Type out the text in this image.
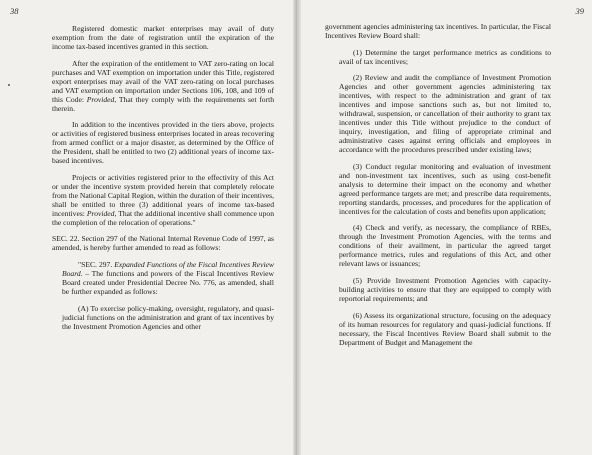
38

Registered domestic market enterprises may avail of duty exemption from the date of registration until the expiration of the income tax-based incentives granted in this section.

After the expiration of the entitlement to VAT zero-rating on local purchases and VAT exemption on importation under this Title, registered export enterprises may avail of the VAT zero-rating on local purchases and VAT exemption on importation under Sections 106, 108, and 109 of this Code: Provided, That they comply with the requirements set forth therein.

In addition to the incentives provided in the tiers above, projects or activities of registered business enterprises located in areas recovering from armed conflict or a major disaster, as determined by the Office of the President, shall be entitled to two (2) additional years of income tax-based incentives.

Projects or activities registered prior to the effectivity of this Act or under the incentive system provided herein that completely relocate from the National Capital Region, within the duration of their incentives, shall be entitled to three (3) additional years of income tax-based incentives: Provided, That the additional incentive shall commence upon the completion of the relocation of operations."

SEC. 22. Section 297 of the National Internal Revenue Code of 1997, as amended, is hereby further amended to read as follows:

"SEC. 297. Expanded Functions of the Fiscal Incentives Review Board. – The functions and powers of the Fiscal Incentives Review Board created under Presidential Decree No. 776, as amended, shall be further expanded as follows:

(A) To exercise policy-making, oversight, regulatory, and quasi-judicial functions on the administration and grant of tax incentives by the Investment Promotion Agencies and other

39

government agencies administering tax incentives. In particular, the Fiscal Incentives Review Board shall:

(1) Determine the target performance metrics as conditions to avail of tax incentives;

(2) Review and audit the compliance of Investment Promotion Agencies and other government agencies administering tax incentives, with respect to the administration and grant of tax incentives and impose sanctions such as, but not limited to, withdrawal, suspension, or cancellation of their authority to grant tax incentives under this Title without prejudice to the conduct of inquiry, investigation, and filing of appropriate criminal and administrative cases against erring officials and employees in accordance with the procedures prescribed under existing laws;

(3) Conduct regular monitoring and evaluation of investment and non-investment tax incentives, such as using cost-benefit analysis to determine their impact on the economy and whether agreed performance targets are met; and prescribe data requirements, reporting standards, processes, and procedures for the application of incentives for the calculation of costs and benefits upon application;

(4) Check and verify, as necessary, the compliance of RBEs, through the Investment Promotion Agencies, with the terms and conditions of their availment, in particular the agreed target performance metrics, rules and regulations of this Act, and other relevant laws or issuances;

(5) Provide Investment Promotion Agencies with capacity-building activities to ensure that they are equipped to comply with reportorial requirements; and

(6) Assess its organizational structure, focusing on the adequacy of its human resources for regulatory and quasi-judicial functions. If necessary, the Fiscal Incentives Review Board shall submit to the Department of Budget and Management the
